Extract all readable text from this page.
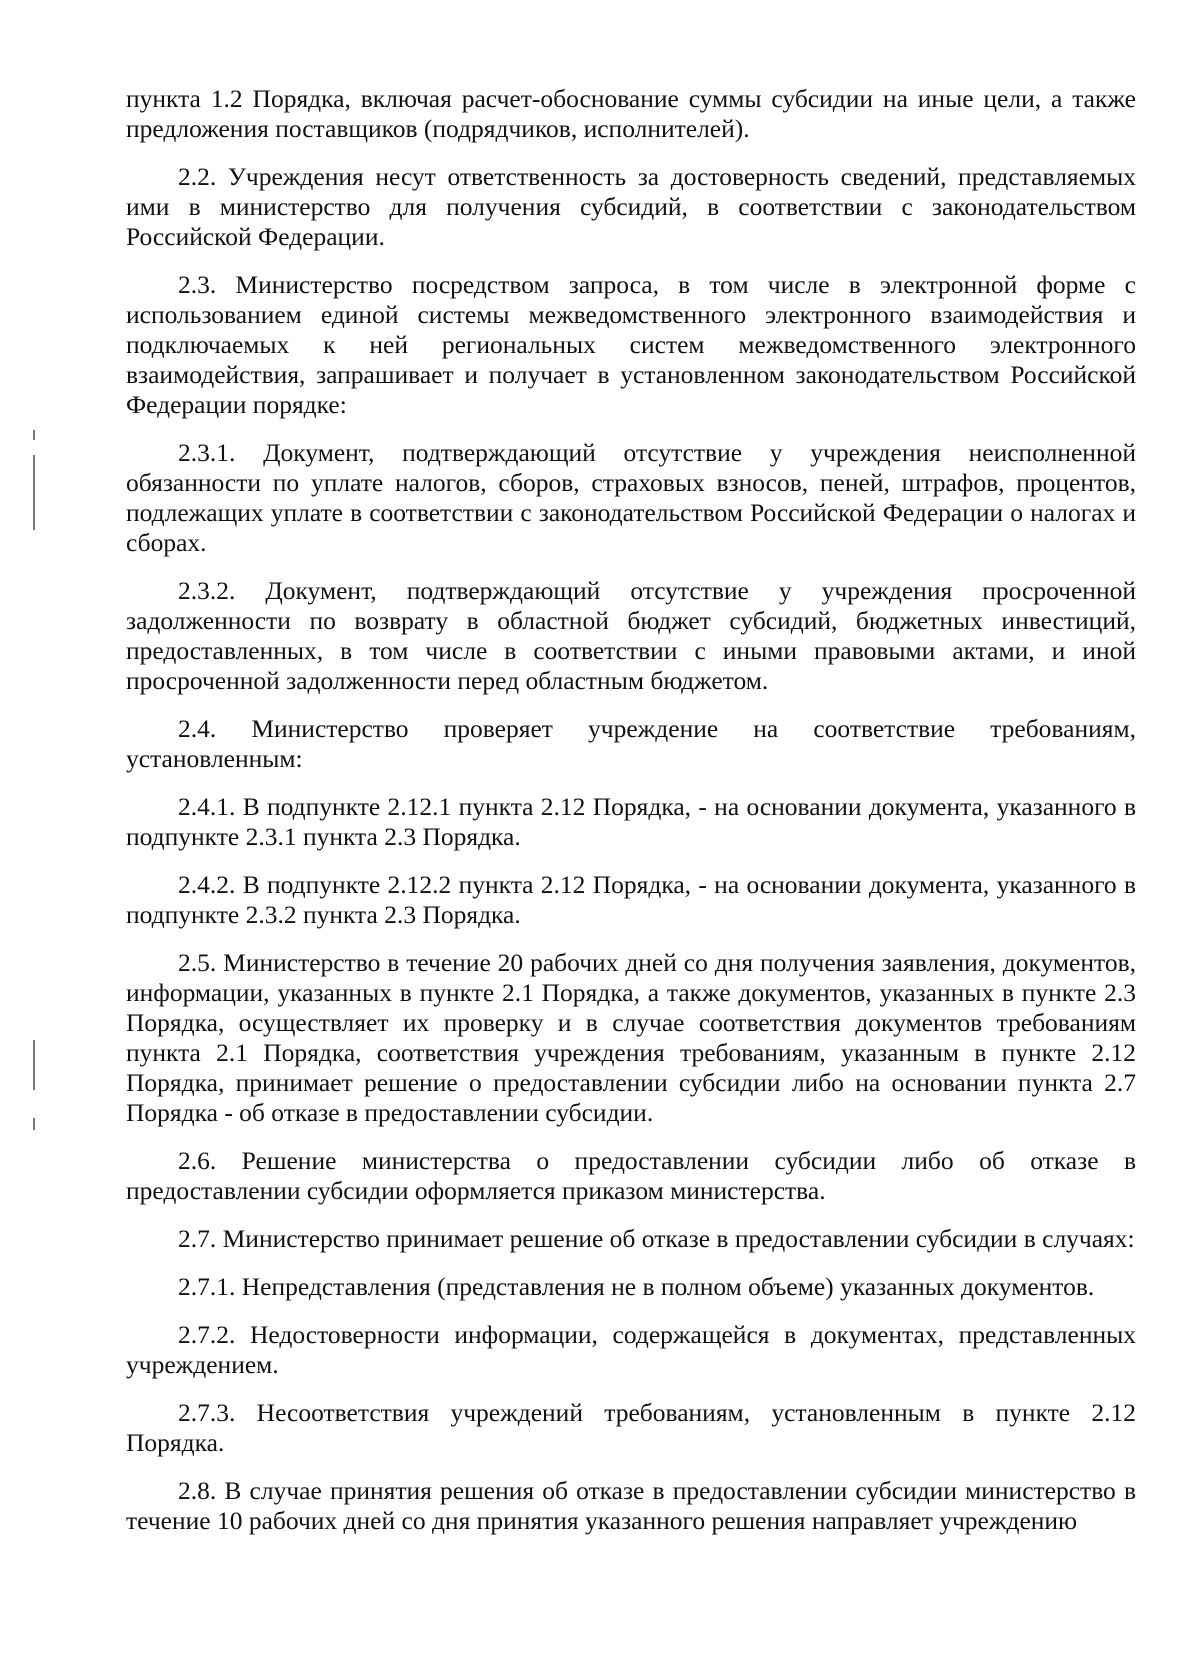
пункта 1.2 Порядка, включая расчет-обоснование суммы субсидии на иные цели, а также предложения поставщиков (подрядчиков, исполнителей).

2.2. Учреждения несут ответственность за достоверность сведений, представляемых ими в министерство для получения субсидий, в соответствии с законодательством Российской Федерации.

2.3. Министерство посредством запроса, в том числе в электронной форме с использованием единой системы межведомственного электронного взаимодействия и подключаемых к ней региональных систем межведомственного электронного взаимодействия, запрашивает и получает в установленном законодательством Российской Федерации порядке:

2.3.1. Документ, подтверждающий отсутствие у учреждения неисполненной обязанности по уплате налогов, сборов, страховых взносов, пеней, штрафов, процентов, подлежащих уплате в соответствии с законодательством Российской Федерации о налогах и сборах.

2.3.2. Документ, подтверждающий отсутствие у учреждения просроченной задолженности по возврату в областной бюджет субсидий, бюджетных инвестиций, предоставленных, в том числе в соответствии с иными правовыми актами, и иной просроченной задолженности перед областным бюджетом.

2.4. Министерство проверяет учреждение на соответствие требованиям, установленным:

2.4.1. В подпункте 2.12.1 пункта 2.12 Порядка, - на основании документа, указанного в подпункте 2.3.1 пункта 2.3 Порядка.

2.4.2. В подпункте 2.12.2 пункта 2.12 Порядка, - на основании документа, указанного в подпункте 2.3.2 пункта 2.3 Порядка.

2.5. Министерство в течение 20 рабочих дней со дня получения заявления, документов, информации, указанных в пункте 2.1 Порядка, а также документов, указанных в пункте 2.3 Порядка, осуществляет их проверку и в случае соответствия документов требованиям пункта 2.1 Порядка, соответствия учреждения требованиям, указанным в пункте 2.12 Порядка, принимает решение о предоставлении субсидии либо на основании пункта 2.7 Порядка - об отказе в предоставлении субсидии.

2.6. Решение министерства о предоставлении субсидии либо об отказе в предоставлении субсидии оформляется приказом министерства.

2.7. Министерство принимает решение об отказе в предоставлении субсидии в случаях:

2.7.1. Непредставления (представления не в полном объеме) указанных документов.

2.7.2. Недостоверности информации, содержащейся в документах, представленных учреждением.

2.7.3. Несоответствия учреждений требованиям, установленным в пункте 2.12 Порядка.

2.8. В случае принятия решения об отказе в предоставлении субсидии министерство в течение 10 рабочих дней со дня принятия указанного решения направляет учреждению
